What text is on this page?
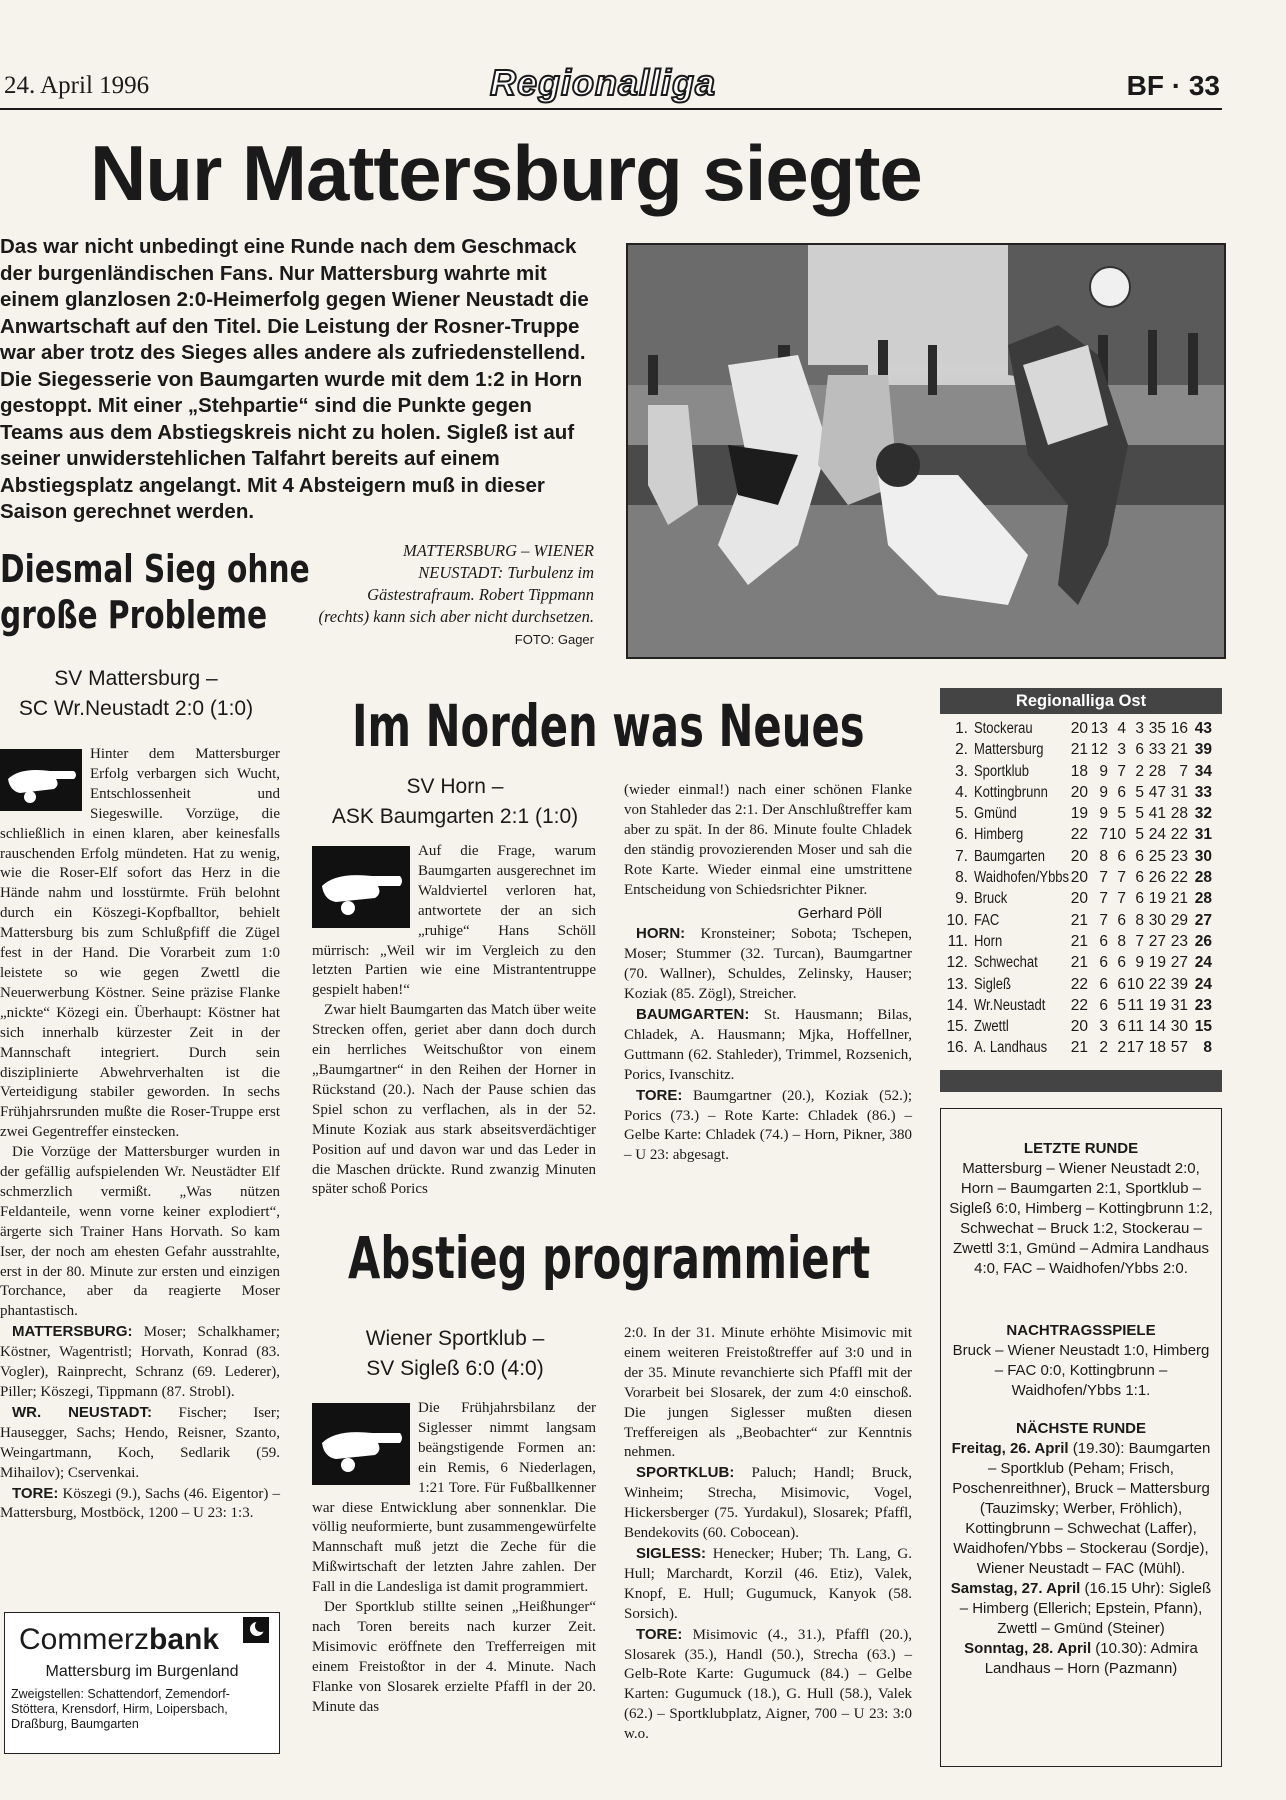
24. April 1996	Regionalliga	BF · 33
Nur Mattersburg siegte

Das war nicht unbedingt eine Runde nach dem Geschmack der burgenländischen Fans. Nur Mattersburg wahrte mit einem glanzlosen 2:0-Heimerfolg gegen Wiener Neustadt die Anwartschaft auf den Titel. Die Leistung der Rosner-Truppe war aber trotz des Sieges alles andere als zufriedenstellend. Die Siegesserie von Baumgarten wurde mit dem 1:2 in Horn gestoppt. Mit einer „Stehpartie“ sind die Punkte gegen Teams aus dem Abstiegskreis nicht zu holen. Sigleß ist auf seiner unwiderstehlichen Talfahrt bereits auf einem Abstiegsplatz angelangt. Mit 4 Absteigern muß in dieser Saison gerechnet werden.

MATTERSBURG – WIENER NEUSTADT: Turbulenz im Gästestrafraum. Robert Tippmann (rechts) kann sich aber nicht durchsetzen. FOTO: Gager
Diesmal Sieg ohne
große Probleme
SV Mattersburg –
SC Wr.Neustadt 2:0 (1:0)

Hinter dem Mattersburger Erfolg verbargen sich Wucht, Entschlossenheit und Siegeswille. Vorzüge, die schließlich in einen klaren, aber keinesfalls rauschenden Erfolg mündeten. Hat zu wenig, wie die Roser-Elf sofort das Herz in die Hände nahm und losstürmte. Früh belohnt durch ein Köszegi-Kopfballtor, behielt Mattersburg bis zum Schlußpfiff die Zügel fest in der Hand. Die Vorarbeit zum 1:0 leistete so wie gegen Zwettl die Neuerwerbung Köstner. Seine präzise Flanke „nickte“ Közegi ein. Überhaupt: Köstner hat sich innerhalb kürzester Zeit in der Mannschaft integriert. Durch sein disziplinierte Abwehrverhalten ist die Verteidigung stabiler geworden. In sechs Frühjahrsrunden mußte die Roser-Truppe erst zwei Gegentreffer einstecken.

Die Vorzüge der Mattersburger wurden in der gefällig aufspielenden Wr. Neustädter Elf schmerzlich vermißt. „Was nützen Feldanteile, wenn vorne keiner explodiert“, ärgerte sich Trainer Hans Horvath. So kam Iser, der noch am ehesten Gefahr ausstrahlte, erst in der 80. Minute zur ersten und einzigen Torchance, aber da reagierte Moser phantastisch.

MATTERSBURG: Moser; Schalkhamer; Köstner, Wagentristl; Horvath, Konrad (83. Vogler), Rainprecht, Schranz (69. Lederer), Piller; Köszegi, Tippmann (87. Strobl).

WR. NEUSTADT: Fischer; Iser; Hausegger, Sachs; Hendo, Reisner, Szanto, Weingartmann, Koch, Sedlarik (59. Mihailov); Cservenkai.

TORE: Köszegi (9.), Sachs (46. Eigentor) – Mattersburg, Mostböck, 1200 – U 23: 1:3.

Commerzbank
Mattersburg im Burgenland
Zweigstellen: Schattendorf, Zemendorf-Stöttera, Krensdorf, Hirm, Loipersbach, Draßburg, Baumgarten
Im Norden was Neues
SV Horn –
ASK Baumgarten 2:1 (1:0)

Auf die Frage, warum Baumgarten ausgerechnet im Waldviertel verloren hat, antwortete der an sich „ruhige“ Hans Schöll mürrisch: „Weil wir im Vergleich zu den letzten Partien wie eine Mistrantentruppe gespielt haben!“

Zwar hielt Baumgarten das Match über weite Strecken offen, geriet aber dann doch durch ein herrliches Weitschußtor von einem „Baumgartner“ in den Reihen der Horner in Rückstand (20.). Nach der Pause schien das Spiel schon zu verflachen, als in der 52. Minute Koziak aus stark abseitsverdächtiger Position auf und davon war und das Leder in die Maschen drückte. Rund zwanzig Minuten später schoß Porics

(wieder einmal!) nach einer schönen Flanke von Stahleder das 2:1. Der Anschlußtreffer kam aber zu spät. In der 86. Minute foulte Chladek den ständig provozierenden Moser und sah die Rote Karte. Wieder einmal eine umstrittene Entscheidung von Schiedsrichter Pikner.

Gerhard Pöll

HORN: Kronsteiner; Sobota; Tschepen, Moser; Stummer (32. Turcan), Baumgartner (70. Wallner), Schuldes, Zelinsky, Hauser; Koziak (85. Zögl), Streicher.

BAUMGARTEN: St. Hausmann; Bilas, Chladek, A. Hausmann; Mjka, Hoffellner, Guttmann (62. Stahleder), Trimmel, Rozsenich, Porics, Ivanschitz.

TORE: Baumgartner (20.), Koziak (52.); Porics (73.) – Rote Karte: Chladek (86.) – Gelbe Karte: Chladek (74.) – Horn, Pikner, 380 – U 23: abgesagt.

Abstieg programmiert
Wiener Sportklub –
SV Sigleß 6:0 (4:0)

Die Frühjahrsbilanz der Siglesser nimmt langsam beängstigende Formen an: ein Remis, 6 Niederlagen, 1:21 Tore. Für Fußballkenner war diese Entwicklung aber sonnenklar. Die völlig neuformierte, bunt zusammengewürfelte Mannschaft muß jetzt die Zeche für die Mißwirtschaft der letzten Jahre zahlen. Der Fall in die Landesliga ist damit programmiert.

Der Sportklub stillte seinen „Heißhunger“ nach Toren bereits nach kurzer Zeit. Misimovic eröffnete den Trefferreigen mit einem Freistoßtor in der 4. Minute. Nach Flanke von Slosarek erzielte Pfaffl in der 20. Minute das

2:0. In der 31. Minute erhöhte Misimovic mit einem weiteren Freistoßtreffer auf 3:0 und in der 35. Minute revanchierte sich Pfaffl mit der Vorarbeit bei Slosarek, der zum 4:0 einschoß. Die jungen Siglesser mußten diesen Treffereigen als „Beobachter“ zur Kenntnis nehmen.

SPORTKLUB: Paluch; Handl; Bruck, Winheim; Strecha, Misimovic, Vogel, Hickersberger (75. Yurdakul), Slosarek; Pfaffl, Bendekovits (60. Cobocean).

SIGLESS: Henecker; Huber; Th. Lang, G. Hull; Marchardt, Korzil (46. Etiz), Valek, Knopf, E. Hull; Gugumuck, Kanyok (58. Sorsich).

TORE: Misimovic (4., 31.), Pfaffl (20.), Slosarek (35.), Handl (50.), Strecha (63.) – Gelb-Rote Karte: Gugumuck (84.) – Gelbe Karten: Gugumuck (18.), G. Hull (58.), Valek (62.) – Sportklubplatz, Aigner, 700 – U 23: 3:0 w.o.

Regionalliga Ost
1. Stockerau	20 13 4 3 35 16 43
2. Mattersburg	21 12 3 6 33 21 39
3. Sportklub	18 9 7 2 28 7 34
4. Kottingbrunn	20 9 6 5 47 31 33
5. Gmünd	19 9 5 5 41 28 32
6. Himberg	22 7 10 5 24 22 31
7. Baumgarten	20 8 6 6 25 23 30
8. Waidhofen/Ybbs 20 7 7 6 26 22 28
9. Bruck	20 7 7 6 19 21 28
10. FAC	21 7 6 8 30 29 27
11. Horn	21 6 8 7 27 23 26
12. Schwechat	21 6 6 9 19 27 24
13. Sigleß	22 6 6 10 22 39 24
14. Wr.Neustadt	22 6 5 11 19 31 23
15. Zwettl	20 3 6 11 14 30 15
16. A. Landhaus	21 2 2 17 18 57 8
LETZTE RUNDE
Mattersburg – Wiener Neustadt 2:0, Horn – Baumgarten 2:1, Sportklub – Sigleß 6:0, Himberg – Kottingbrunn 1:2, Schwechat – Bruck 1:2, Stockerau – Zwettl 3:1, Gmünd – Admira Landhaus 4:0, FAC – Waidhofen/Ybbs 2:0.
NACHTRAGSSPIELE
Bruck – Wiener Neustadt 1:0, Himberg – FAC 0:0, Kottingbrunn – Waidhofen/Ybbs 1:1.
NÄCHSTE RUNDE
Freitag, 26. April (19.30): Baumgarten – Sportklub (Peham; Frisch, Poschenreithner), Bruck – Mattersburg (Tauzimsky; Werber, Fröhlich), Kottingbrunn – Schwechat (Laffer), Waidhofen/Ybbs – Stockerau (Sordje), Wiener Neustadt – FAC (Mühl).
Samstag, 27. April (16.15 Uhr): Sigleß – Himberg (Ellerich; Epstein, Pfann), Zwettl – Gmünd (Steiner)
Sonntag, 28. April (10.30): Admira Landhaus – Horn (Pazmann)
